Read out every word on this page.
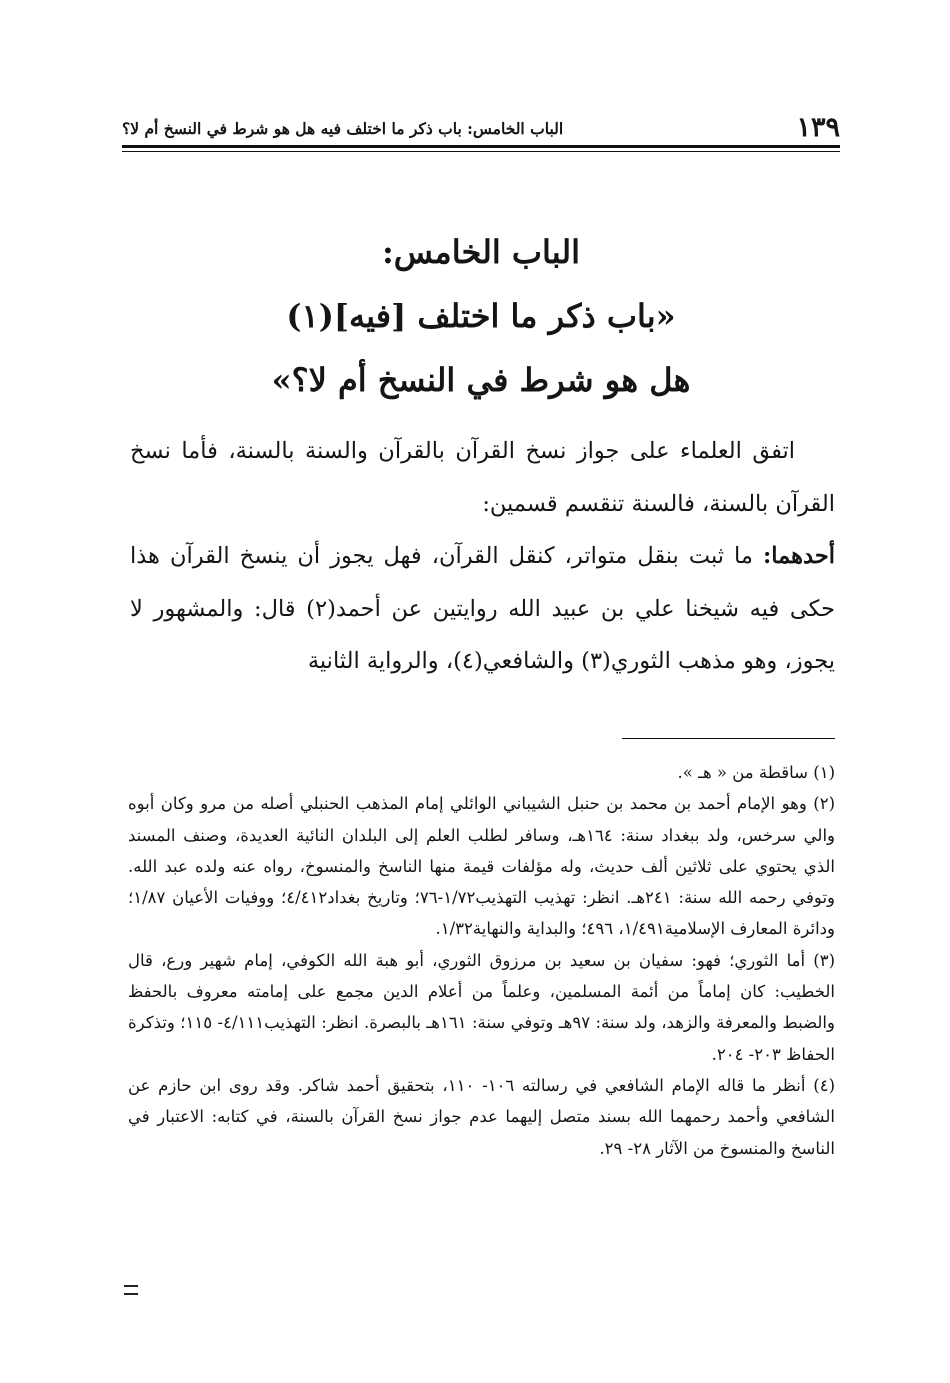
١٣٩
الباب الخامس: باب ذكر ما اختلف فيه هل هو شرط في النسخ أم لا؟
الباب الخامس:
«باب ذكر ما اختلف [فيه](١)
هل هو شرط في النسخ أم لا؟»

اتفق العلماء على جواز نسخ القرآن بالقرآن والسنة بالسنة، فأما نسخ القرآن بالسنة، فالسنة تنقسم قسمين:

أحدهما: ما ثبت بنقل متواتر، كنقل القرآن، فهل يجوز أن ينسخ القرآن هذا حكى فيه شيخنا علي بن عبيد الله روايتين عن أحمد(٢) قال: والمشهور لا يجوز، وهو مذهب الثوري(٣) والشافعي(٤)، والرواية الثانية

(١) ساقطة من « هـ ».

(٢) وهو الإمام أحمد بن محمد بن حنبل الشيباني الوائلي إمام المذهب الحنبلي أصله من مرو وكان أبوه والي سرخس، ولد ببغداد سنة: ١٦٤هـ، وسافر لطلب العلم إلى البلدان النائية العديدة، وصنف المسند الذي يحتوي على ثلاثين ألف حديث، وله مؤلفات قيمة منها الناسخ والمنسوخ، رواه عنه ولده عبد الله. وتوفي رحمه الله سنة: ٢٤١هـ. انظر: تهذيب التهذيب١/٧٢-٧٦؛ وتاريخ بغداد٤/٤١٢؛ ووفيات الأعيان ١/٨٧؛ ودائرة المعارف الإسلامية١/٤٩١، ٤٩٦؛ والبداية والنهاية١/٣٢.

(٣) أما الثوري؛ فهو: سفيان بن سعيد بن مرزوق الثوري، أبو هبة الله الكوفي، إمام شهير ورع، قال الخطيب: كان إماماً من أئمة المسلمين، وعلماً من أعلام الدين مجمع على إمامته معروف بالحفظ والضبط والمعرفة والزهد، ولد سنة: ٩٧هـ وتوفي سنة: ١٦١هـ بالبصرة. انظر: التهذيب٤/١١١- ١١٥؛ وتذكرة الحفاظ ٢٠٣- ٢٠٤.

(٤) أنظر ما قاله الإمام الشافعي في رسالته ١٠٦- ١١٠، بتحقيق أحمد شاكر. وقد روى ابن حازم عن الشافعي وأحمد رحمهما الله بسند متصل إليهما عدم جواز نسخ القرآن بالسنة، في كتابه: الاعتبار في الناسخ والمنسوخ من الآثار ٢٨- ٢٩.
